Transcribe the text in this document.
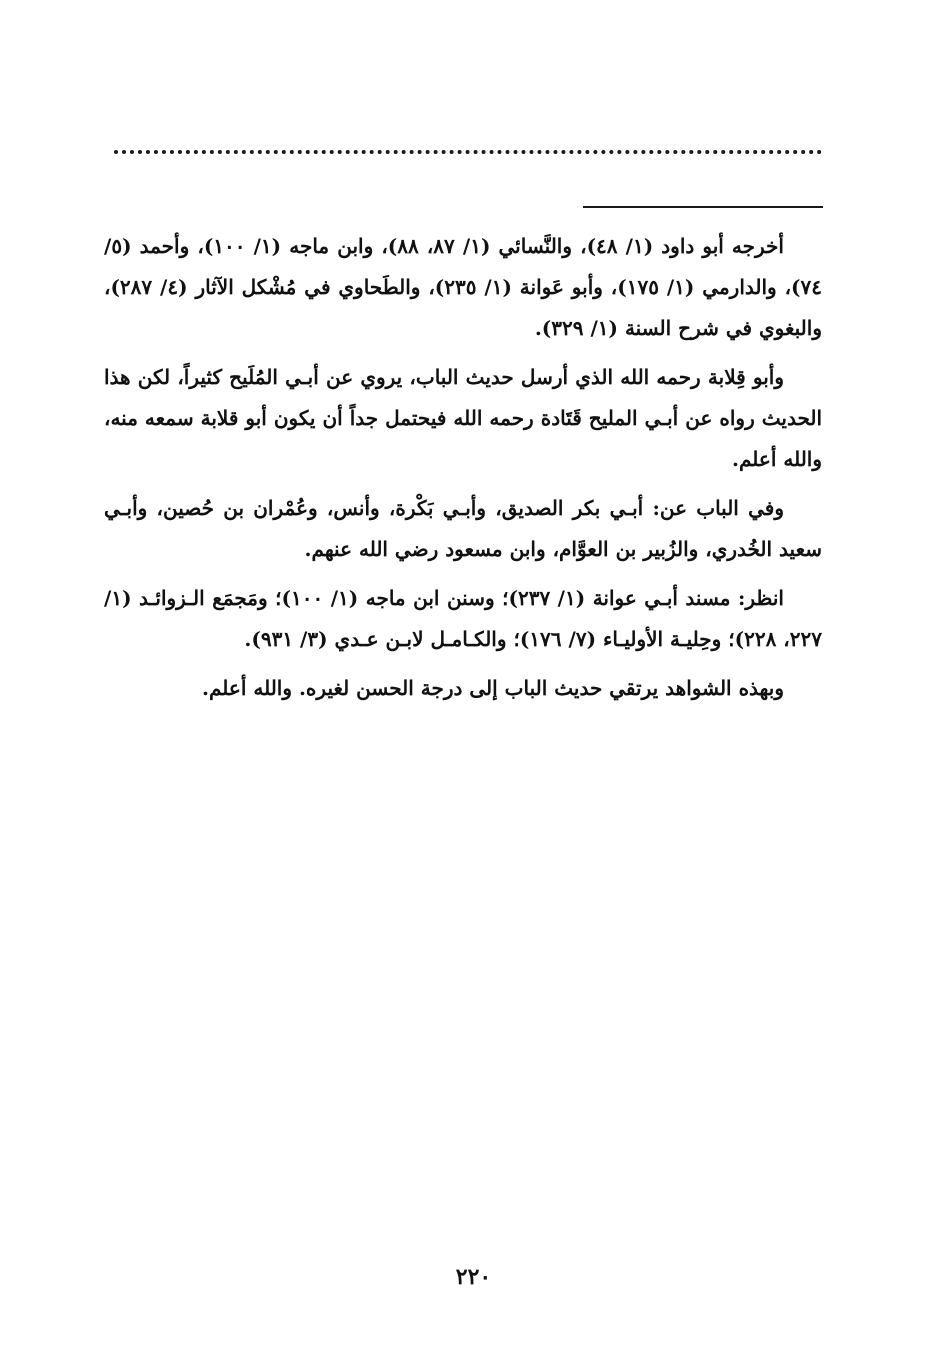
أخرجه أبو داود (١/ ٤٨)، والنَّسائي (١/ ٨٧، ٨٨)، وابن ماجه (١/ ١٠٠)، وأحمد (٥/ ٧٤)، والدارمي (١/ ١٧٥)، وأبو عَوانة (١/ ٢٣٥)، والطَحاوي في مُشْكل الآثار (٤/ ٢٨٧)، والبغوي في شرح السنة (١/ ٣٢٩).

وأبو قِلابة رحمه الله الذي أرسل حديث الباب، يروي عن أبـي المُلَيح كثيراً، لكن هذا الحديث رواه عن أبـي المليح قَتَادة رحمه الله فيحتمل جداً أن يكون أبو قلابة سمعه منه، والله أعلم.

وفي الباب عن: أبـي بكر الصديق، وأبـي بَكْرة، وأنس، وعُمْران بن حُصين، وأبـي سعيد الخُدري، والزُبير بن العوَّام، وابن مسعود رضي الله عنهم.

انظر: مسند أبـي عوانة (١/ ٢٣٧)؛ وسنن ابن ماجه (١/ ١٠٠)؛ ومَجمَع الـزوائـد (١/ ٢٢٧، ٢٢٨)؛ وحِليـة الأوليـاء (٧/ ١٧٦)؛ والكـامـل لابـن عـدي (٣/ ٩٣١).

وبهذه الشواهد يرتقي حديث الباب إلى درجة الحسن لغيره. والله أعلم.

٢٢٠
